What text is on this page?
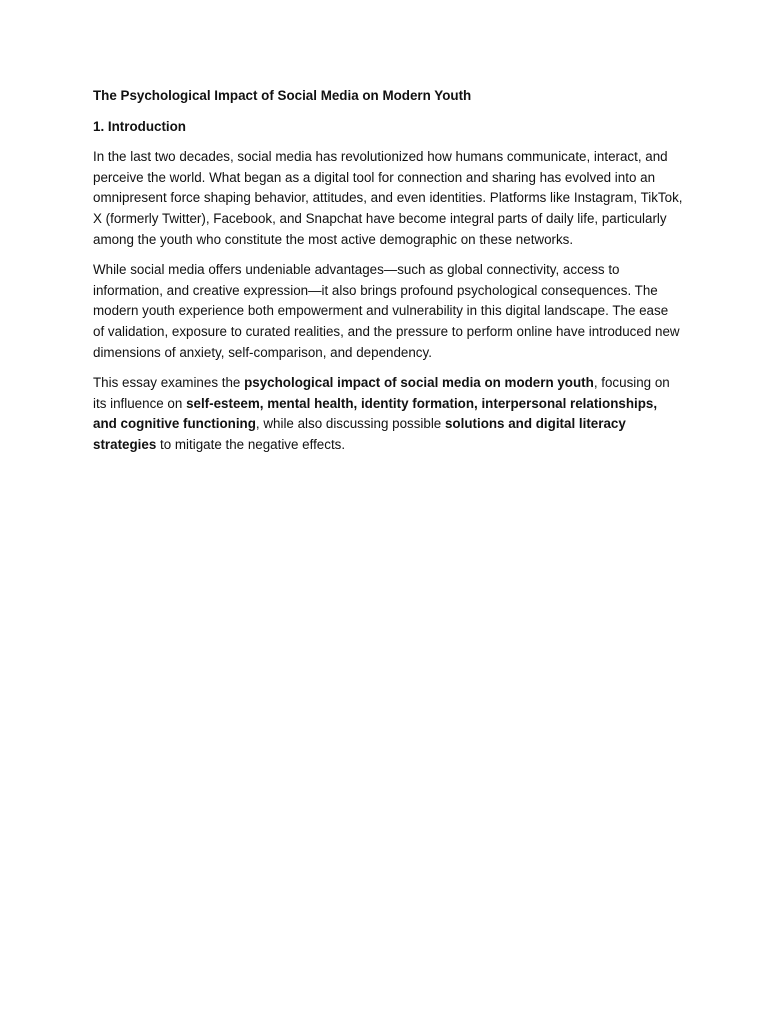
The Psychological Impact of Social Media on Modern Youth
1. Introduction

In the last two decades, social media has revolutionized how humans communicate, interact, and perceive the world. What began as a digital tool for connection and sharing has evolved into an omnipresent force shaping behavior, attitudes, and even identities. Platforms like Instagram, TikTok, X (formerly Twitter), Facebook, and Snapchat have become integral parts of daily life, particularly among the youth who constitute the most active demographic on these networks.

While social media offers undeniable advantages—such as global connectivity, access to information, and creative expression—it also brings profound psychological consequences. The modern youth experience both empowerment and vulnerability in this digital landscape. The ease of validation, exposure to curated realities, and the pressure to perform online have introduced new dimensions of anxiety, self-comparison, and dependency.

This essay examines the psychological impact of social media on modern youth, focusing on its influence on self-esteem, mental health, identity formation, interpersonal relationships, and cognitive functioning, while also discussing possible solutions and digital literacy strategies to mitigate the negative effects.
